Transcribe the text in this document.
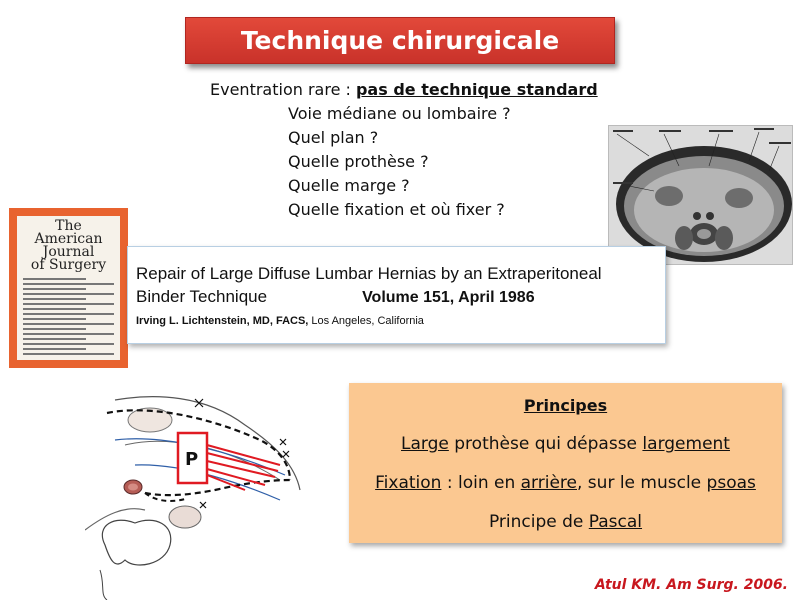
Technique chirurgicale
Eventration rare : pas de technique standard
Voie médiane ou lombaire ?
Quel plan ?
Quelle prothèse ?
Quelle marge ?
Quelle fixation et où fixer ?
The
American
Journal
of Surgery	Repair of Large Diffuse Lumbar Hernias by an Extraperitoneal
Binder Technique	Volume 151, April 1986
Irving L. Lichtenstein, MD, FACS, Los Angeles, California
P
Principes
Large prothèse qui dépasse largement
Fixation : loin en arrière, sur le muscle psoas
Principe de Pascal
Atul KM. Am Surg. 2006.
